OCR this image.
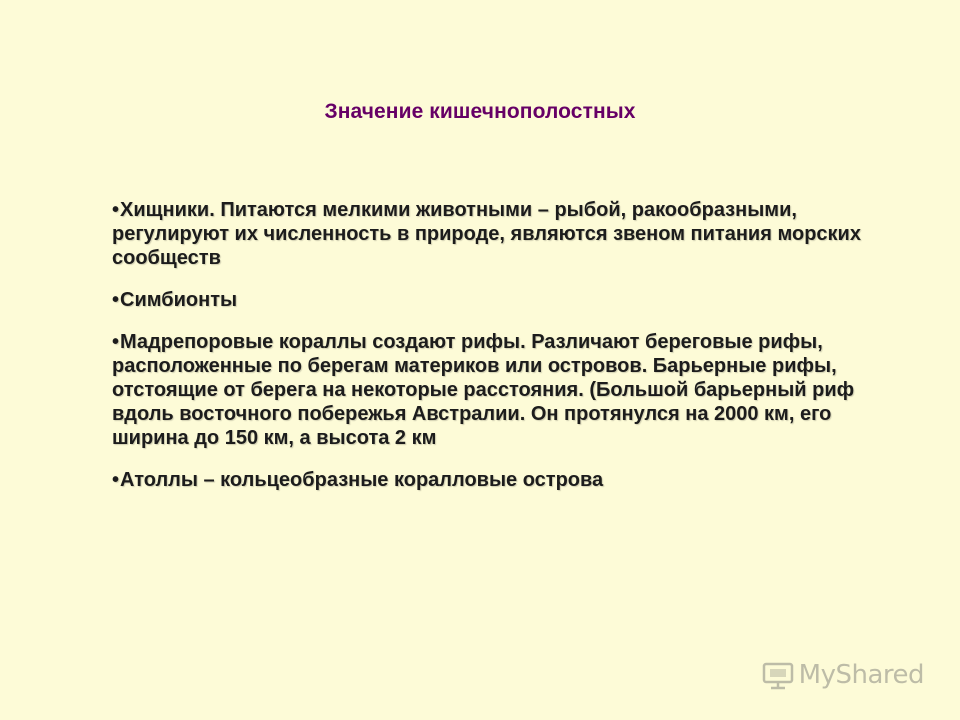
Значение кишечнополостных
•Хищники. Питаются мелкими животными – рыбой, ракообразными, регулируют их численность в природе, являются звеном питания морских сообществ
•Симбионты
•Мадрепоровые кораллы создают рифы. Различают береговые рифы, расположенные по берегам материков или островов. Барьерные рифы, отстоящие от берега на некоторые расстояния. (Большой барьерный риф вдоль восточного побережья Австралии. Он протянулся на 2000 км, его ширина до 150 км, а высота 2 км
•Атоллы – кольцеобразные коралловые острова
MyShared
